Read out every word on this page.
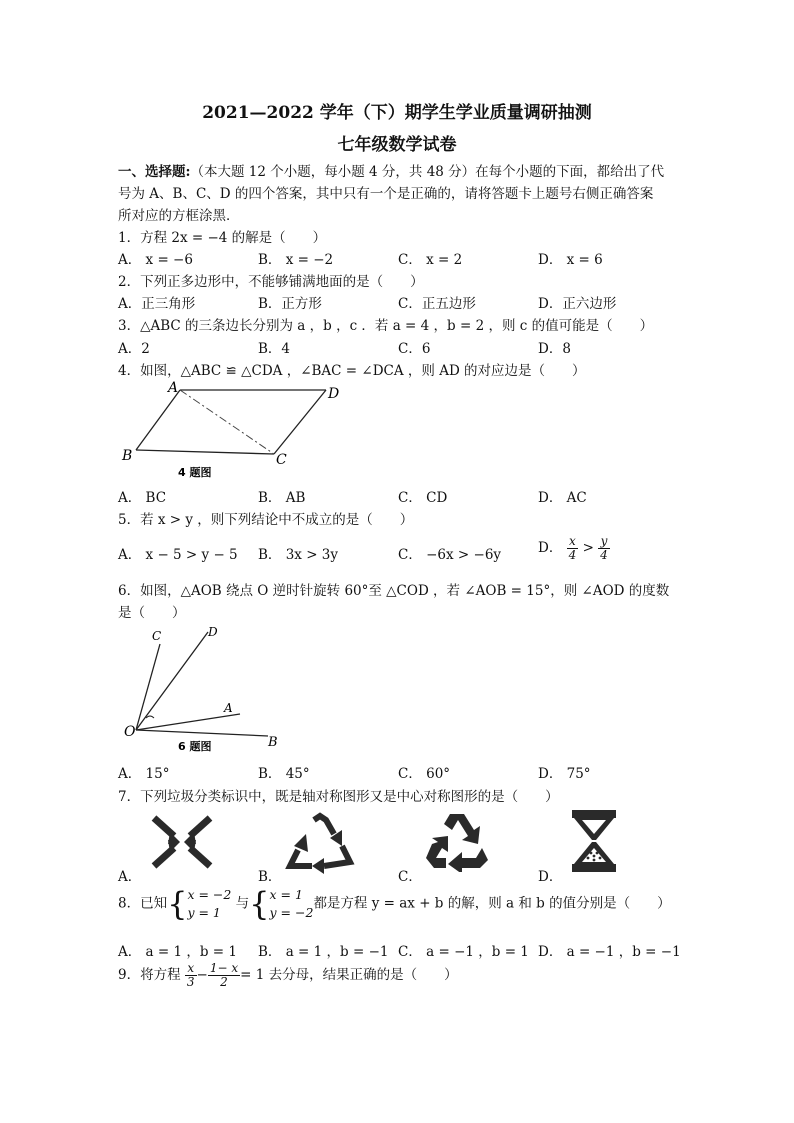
2021—2022 学年（下）期学生学业质量调研抽测
七年级数学试卷
一、选择题:（本大题 12 个小题，每小题 4 分，共 48 分）在每个小题的下面，都给出了代
号为 A、B、C、D 的四个答案，其中只有一个是正确的，请将答题卡上题号右侧正确答案
所对应的方框涂黑．
1．方程 2x = −4 的解是（　　）
A． x = −6	B． x = −2	C． x = 2	D． x = 6
2．下列正多边形中，不能够铺满地面的是（　　）
A．正三角形	B．正方形	C．正五边形	D．正六边形
3．△ABC 的三条边长分别为 a ，b ，c ．若 a = 4 ，b = 2 ，则 c 的值可能是（　　）
A．2	B．4	C．6	D．8
4．如图，△ABC ≌ △CDA ，∠BAC = ∠DCA ，则 AD 的对应边是（　　）
A	D
B	C
4 题图
A． BC	B． AB	C． CD	D． AC
5．若 x > y ，则下列结论中不成立的是（　　）
A． x − 5 > y − 5 B． 3x > 3y	C． −6x > −6y	D． $\frac{x}{4} > \frac{y}{4}$
6．如图，△AOB 绕点 O 逆时针旋转 60°至 △COD ，若 ∠AOB = 15°，则 ∠AOD 的度数
是（　　）
O
C	D
A
B
6 题图
A． 15°	B． 45°	C． 60°	D． 75°
7．下列垃圾分类标识中，既是轴对称图形又是中心对称图形的是（　　）
A．	B．	C．	D．
8．已知{ x = −2
y = 1
与{ x = 1
y = −2
都是方程 y = ax + b 的解，则 a 和 b 的值分别是（　　）
A． a = 1 ，b = 1 B． a = 1 ，b = −1 C． a = −1 ，b = 1 D． a = −1 ，b = −1
9．将方程 $\frac{x}{3} - \frac{1- x}{2} = 1$ 去分母，结果正确的是（　　）
